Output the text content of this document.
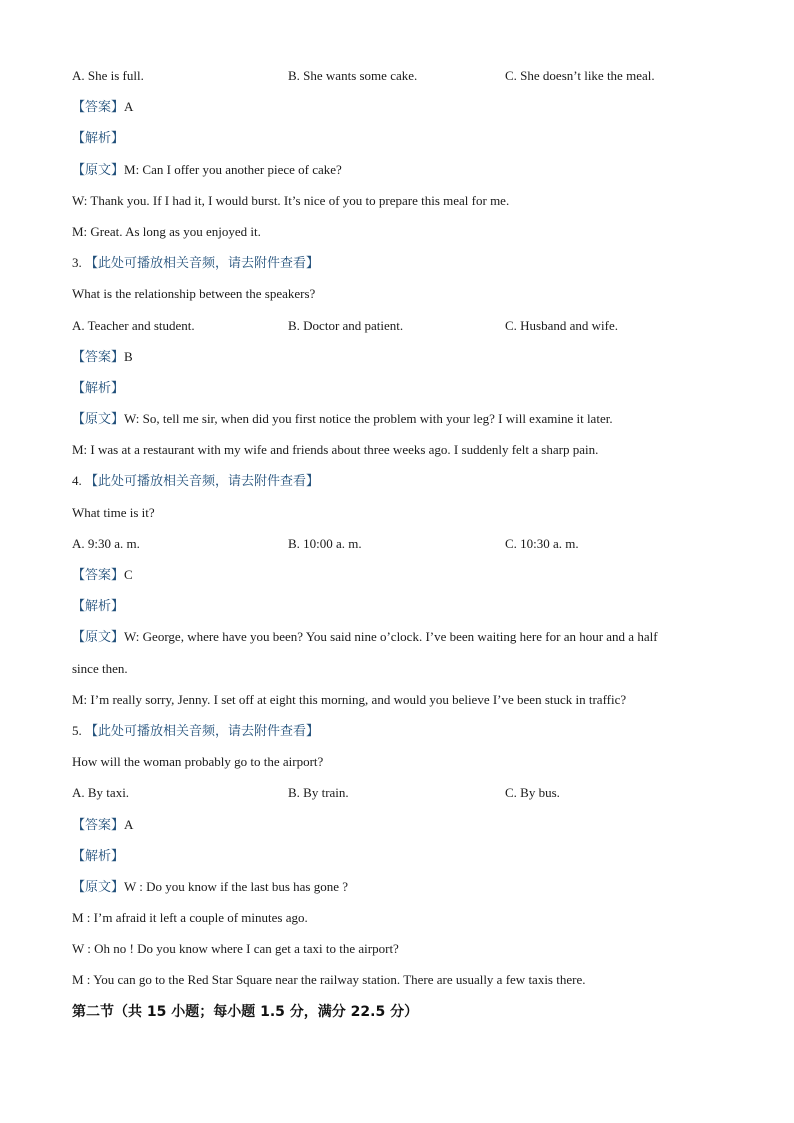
A. She is full.	B. She wants some cake.	C. She doesn’t like the meal.
【答案】A
【解析】
【原文】M: Can I offer you another piece of cake?
W: Thank you. If I had it, I would burst. It’s nice of you to prepare this meal for me.
M: Great. As long as you enjoyed it.
3. 【此处可播放相关音频，请去附件查看】
What is the relationship between the speakers?
A. Teacher and student.	B. Doctor and patient.	C. Husband and wife.
【答案】B
【解析】
【原文】W: So, tell me sir, when did you first notice the problem with your leg? I will examine it later.
M: I was at a restaurant with my wife and friends about three weeks ago. I suddenly felt a sharp pain.
4. 【此处可播放相关音频，请去附件查看】
What time is it?
A. 9:30 a. m.	B. 10:00 a. m.	C. 10:30 a. m.
【答案】C
【解析】
【原文】W: George, where have you been? You said nine o’clock. I’ve been waiting here for an hour and a half
since then.
M: I’m really sorry, Jenny. I set off at eight this morning, and would you believe I’ve been stuck in traffic?
5. 【此处可播放相关音频，请去附件查看】
How will the woman probably go to the airport?
A. By taxi.	B. By train.	C. By bus.
【答案】A
【解析】
【原文】W : Do you know if the last bus has gone ?
M : I’m afraid it left a couple of minutes ago.
W : Oh no ! Do you know where I can get a taxi to the airport?
M : You can go to the Red Star Square near the railway station. There are usually a few taxis there.
第二节（共 15 小题；每小题 1.5 分，满分 22.5 分）
